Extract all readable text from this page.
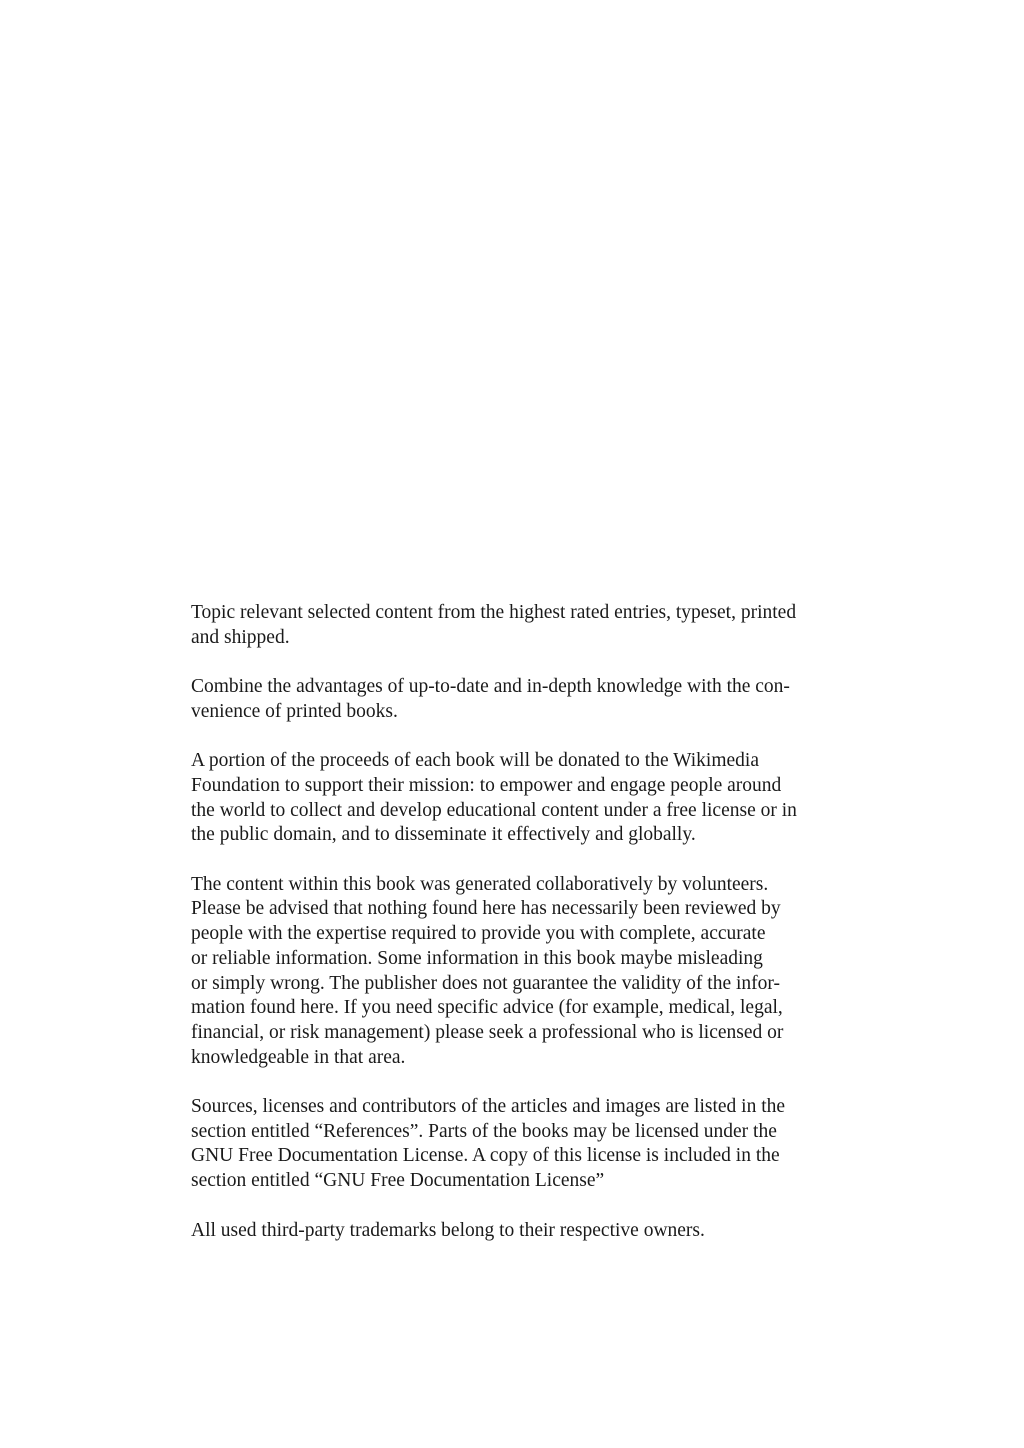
Topic relevant selected content from the highest rated entries, typeset, printed
and shipped.

Combine the advantages of up-to-date and in-depth knowledge with the con-
venience of printed books.

A portion of the proceeds of each book will be donated to the Wikimedia
Foundation to support their mission: to empower and engage people around
the world to collect and develop educational content under a free license or in
the public domain, and to disseminate it effectively and globally.

The content within this book was generated collaboratively by volunteers.
Please be advised that nothing found here has necessarily been reviewed by
people with the expertise required to provide you with complete, accurate
or reliable information. Some information in this book maybe misleading
or simply wrong. The publisher does not guarantee the validity of the infor-
mation found here. If you need specific advice (for example, medical, legal,
financial, or risk management) please seek a professional who is licensed or
knowledgeable in that area.

Sources, licenses and contributors of the articles and images are listed in the
section entitled “References”. Parts of the books may be licensed under the
GNU Free Documentation License. A copy of this license is included in the
section entitled “GNU Free Documentation License”

All used third-party trademarks belong to their respective owners.
